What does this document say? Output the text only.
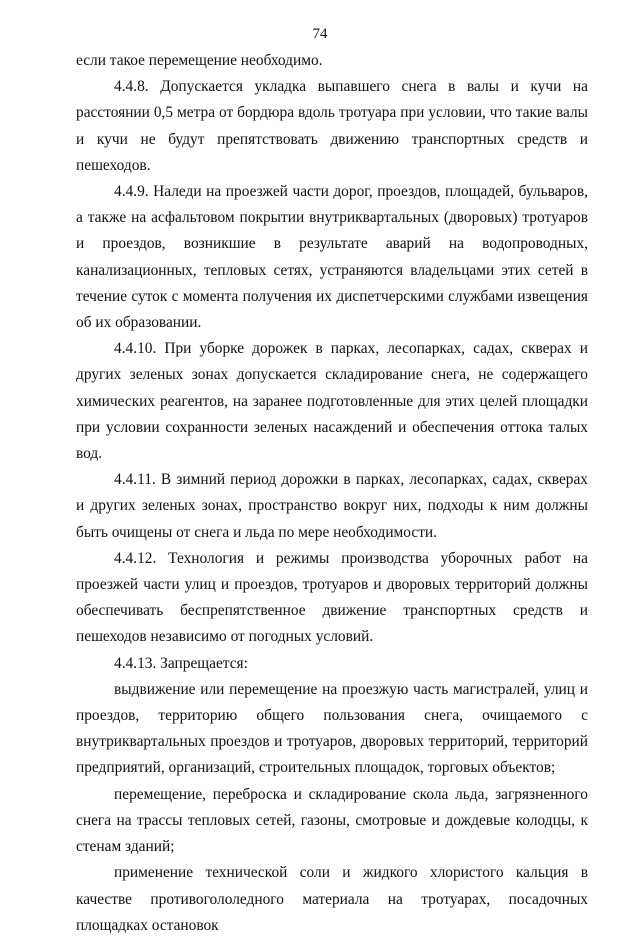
74

если такое перемещение необходимо.

4.4.8. Допускается укладка выпавшего снега в валы и кучи на расстоянии 0,5 метра от бордюра вдоль тротуара при условии, что такие валы и кучи не будут препятствовать движению транспортных средств и пешеходов.

4.4.9. Наледи на проезжей части дорог, проездов, площадей, бульваров, а также на асфальтовом покрытии внутриквартальных (дворовых) тротуаров и проездов, возникшие в результате аварий на водопроводных, канализационных, тепловых сетях, устраняются владельцами этих сетей в течение суток с момента получения их диспетчерскими службами извещения об их образовании.

4.4.10. При уборке дорожек в парках, лесопарках, садах, скверах и других зеленых зонах допускается складирование снега, не содержащего химических реагентов, на заранее подготовленные для этих целей площадки при условии сохранности зеленых насаждений и обеспечения оттока талых вод.

4.4.11. В зимний период дорожки в парках, лесопарках, садах, скверах и других зеленых зонах, пространство вокруг них, подходы к ним должны быть очищены от снега и льда по мере необходимости.

4.4.12. Технология и режимы производства уборочных работ на проезжей части улиц и проездов, тротуаров и дворовых территорий должны обеспечивать беспрепятственное движение транспортных средств и пешеходов независимо от погодных условий.

4.4.13. Запрещается:

выдвижение или перемещение на проезжую часть магистралей, улиц и проездов, территорию общего пользования снега, очищаемого с внутриквартальных проездов и тротуаров, дворовых территорий, территорий предприятий, организаций, строительных площадок, торговых объектов;

перемещение, переброска и складирование скола льда, загрязненного снега на трассы тепловых сетей, газоны, смотровые и дождевые колодцы, к стенам зданий;

применение технической соли и жидкого хлористого кальция в качестве противогололедного материала на тротуарах, посадочных площадках остановок
